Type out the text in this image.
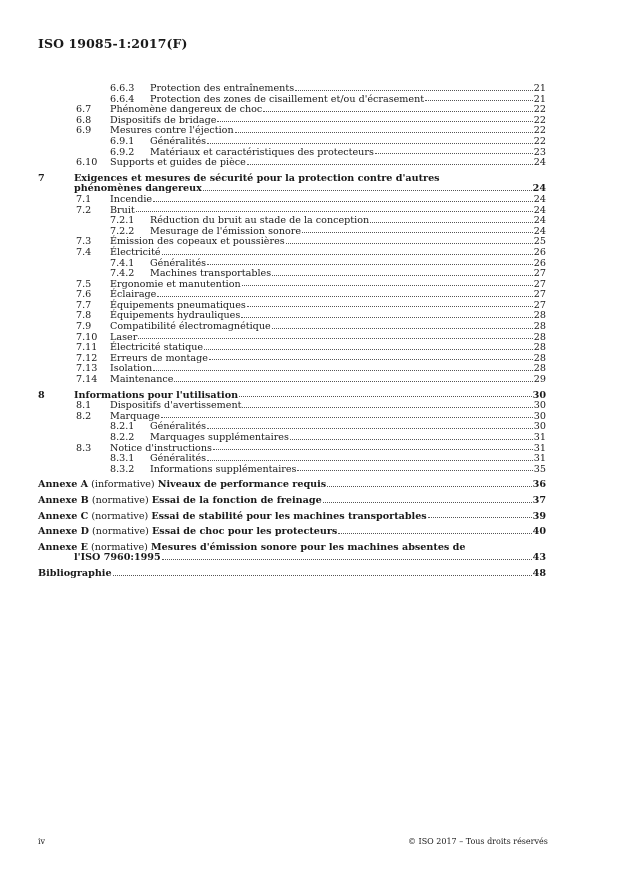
ISO 19085-1:2017(F)
6.6.3 Protection des entraînements	21
6.6.4 Protection des zones de cisaillement et/ou d'écrasement	21
6.7 Phénomène dangereux de choc	22
6.8 Dispositifs de bridage	22
6.9 Mesures contre l'éjection	22
6.9.1 Généralités	22
6.9.2 Matériaux et caractéristiques des protecteurs	23
6.10 Supports et guides de pièce	24
7	Exigences et mesures de sécurité pour la protection contre d'autres
phénomènes dangereux	24
7.1 Incendie	24
7.2 Bruit	24
7.2.1 Réduction du bruit au stade de la conception	24
7.2.2 Mesurage de l'émission sonore	24
7.3 Émission des copeaux et poussières	25
7.4 Électricité	26
7.4.1 Généralités	26
7.4.2 Machines transportables	27
7.5 Ergonomie et manutention	27
7.6 Éclairage	27
7.7 Équipements pneumatiques	27
7.8 Équipements hydrauliques	28
7.9 Compatibilité électromagnétique	28
7.10 Laser	28
7.11 Électricité statique	28
7.12 Erreurs de montage	28
7.13 Isolation	28
7.14 Maintenance	29
8	Informations pour l'utilisation	30
8.1 Dispositifs d'avertissement	30
8.2 Marquage	30
8.2.1 Généralités	30
8.2.2 Marquages supplémentaires	31
8.3 Notice d'instructions	31
8.3.1 Généralités	31
8.3.2 Informations supplémentaires	35
Annexe A (informative) Niveaux de performance requis	36
Annexe B (normative) Essai de la fonction de freinage	37
Annexe C (normative) Essai de stabilité pour les machines transportables	39
Annexe D (normative) Essai de choc pour les protecteurs	40
Annexe E (normative) Mesures d'émission sonore pour les machines absentes de
l'ISO 7960:1995	43
Bibliographie	48
iv	© ISO 2017 – Tous droits réservés
